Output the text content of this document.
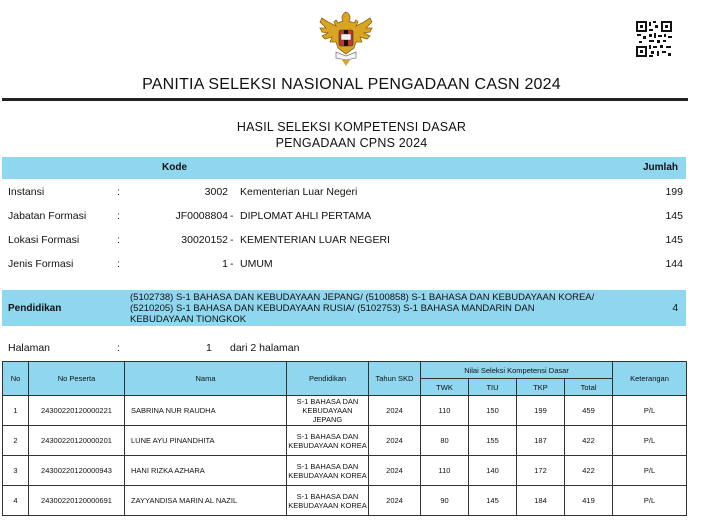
PANITIA SELEKSI NASIONAL PENGADAAN CASN 2024
HASIL SELEKSI KOMPETENSI DASAR
PENGADAAN CPNS 2024
Kode	Jumlah
Instansi	:	3002 Kementerian Luar Negeri	199
Jabatan Formasi	:	JF0008804 - DIPLOMAT AHLI PERTAMA	145
Lokasi Formasi	:	30020152 - KEMENTERIAN LUAR NEGERI	145
Jenis Formasi	:	1 - UMUM	144
Pendidikan
(5102738) S-1 BAHASA DAN KEBUDAYAAN JEPANG/ (5100858) S-1 BAHASA DAN KEBUDAYAAN KOREA/ (5210205) S-1 BAHASA DAN KEBUDAYAAN RUSIA/ (5102753) S-1 BAHASA MANDARIN DAN KEBUDAYAAN TIONGKOK
4
Halaman	:	1 dari 2 halaman
No	No Peserta	Nama	Pendidikan	Tahun SKD	Nilai Seleksi Kompetensi Dasar				Keterangan
					TWK	TIU	TKP	Total	
1	24300220120000221	SABRINA NUR RAUDHA	S-1 BAHASA DAN KEBUDAYAAN JEPANG	2024	110	150	199	459	P/L
2	24300220120000201	LUNE AYU PINANDHITA	S-1 BAHASA DAN KEBUDAYAAN KOREA	2024	80	155	187	422	P/L
3	24300220120000943	HANI RIZKA AZHARA	S-1 BAHASA DAN KEBUDAYAAN KOREA	2024	110	140	172	422	P/L
4	24300220120000691	ZAYYANDISA MARIN AL NAZIL	S-1 BAHASA DAN KEBUDAYAAN KOREA	2024	90	145	184	419	P/L
